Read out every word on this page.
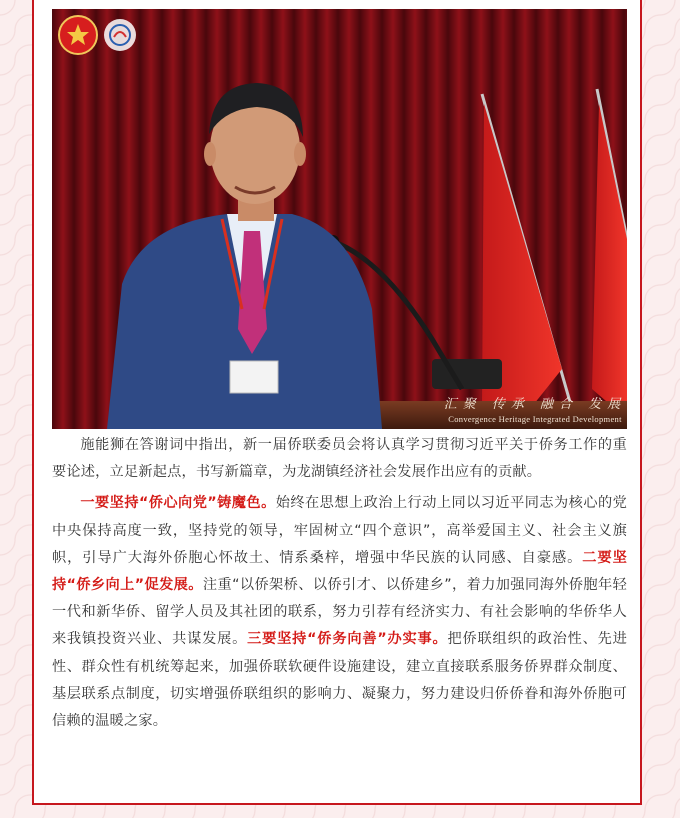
汇聚 传承 融合 发展
Convergence Heritage Integrated Development

施能狮在答谢词中指出，新一届侨联委员会将认真学习贯彻习近平关于侨务工作的重要论述，立足新起点，书写新篇章，为龙湖镇经济社会发展作出应有的贡献。

一要坚持“侨心向党”铸魔色。始终在思想上政治上行动上同以习近平同志为核心的党中央保持高度一致，坚持党的领导，牢固树立“四个意识”，高举爱国主义、社会主义旗帜，引导广大海外侨胞心怀故土、情系桑梓，增强中华民族的认同感、自豪感。二要坚持“侨乡向上”促发展。注重“以侨架桥、以侨引才、以侨建乡”，着力加强同海外侨胞年轻一代和新华侨、留学人员及其社团的联系，努力引荐有经济实力、有社会影响的华侨华人来我镇投资兴业、共谋发展。三要坚持“侨务向善”办实事。把侨联组织的政治性、先进性、群众性有机统筹起来，加强侨联软硬件设施建设，建立直接联系服务侨界群众制度、基层联系点制度，切实增强侨联组织的影响力、凝聚力，努力建设归侨侨眷和海外侨胞可信赖的温暖之家。
